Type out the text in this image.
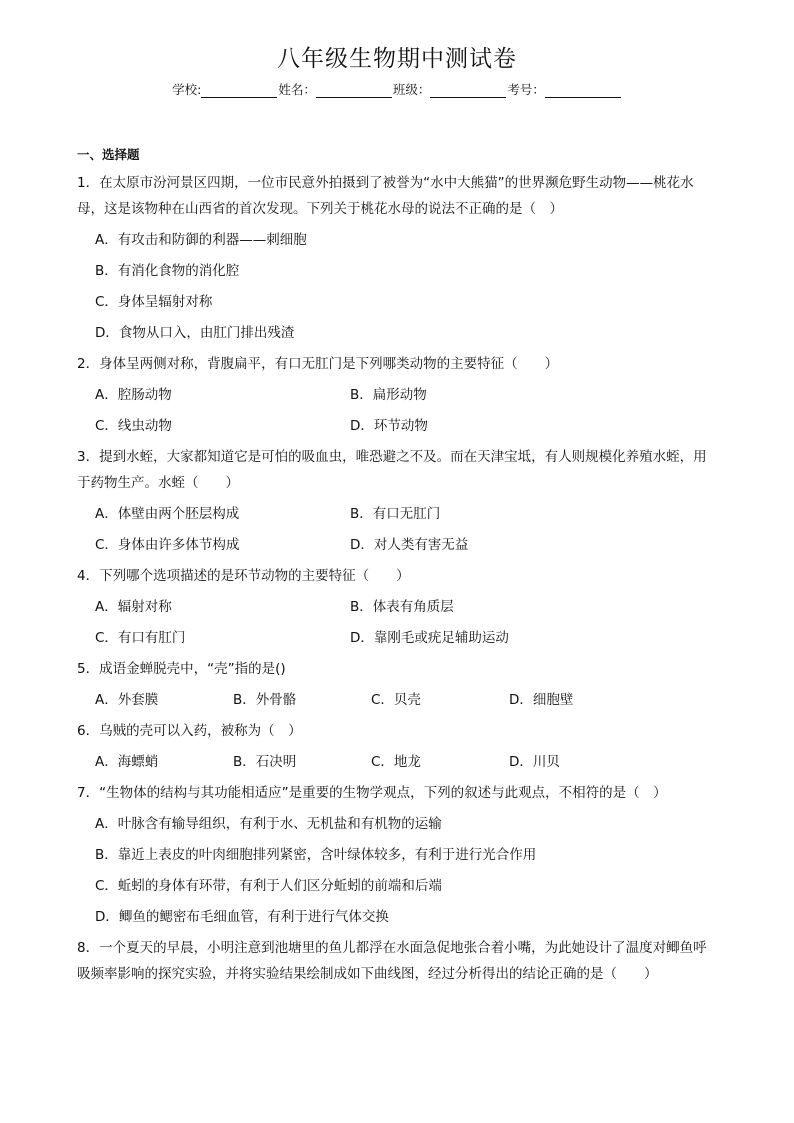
八年级生物期中测试卷
学校:	姓名：	班级：	考号：
一、选择题
1．在太原市汾河景区四期，一位市民意外拍摄到了被誉为“水中大熊猫”的世界濒危野生动物——桃花水母，这是该物种在山西省的首次发现。下列关于桃花水母的说法不正确的是（　）
A．有攻击和防御的利器——刺细胞
B．有消化食物的消化腔
C．身体呈辐射对称
D．食物从口入，由肛门排出残渣
2．身体呈两侧对称，背腹扁平，有口无肛门是下列哪类动物的主要特征（　　）
A．腔肠动物	B．扁形动物
C．线虫动物	D．环节动物
3．提到水蛭，大家都知道它是可怕的吸血虫，唯恐避之不及。而在天津宝坻，有人则规模化养殖水蛭，用于药物生产。水蛭（　　）
A．体壁由两个胚层构成	B．有口无肛门
C．身体由许多体节构成	D．对人类有害无益
4．下列哪个选项描述的是环节动物的主要特征（　　）
A．辐射对称	B．体表有角质层
C．有口有肛门	D．靠刚毛或疣足辅助运动
5．成语金蝉脱壳中，“壳”指的是()
A．外套膜	B．外骨骼	C．贝壳	D．细胞壁
6．乌贼的壳可以入药，被称为（　）
A．海螵蛸	B．石决明	C．地龙	D．川贝
7．“生物体的结构与其功能相适应”是重要的生物学观点，下列的叙述与此观点，不相符的是（　）
A．叶脉含有输导组织，有利于水、无机盐和有机物的运输
B．靠近上表皮的叶肉细胞排列紧密，含叶绿体较多，有利于进行光合作用
C．蚯蚓的身体有环带，有利于人们区分蚯蚓的前端和后端
D．鲫鱼的鳃密布毛细血管，有利于进行气体交换
8．一个夏天的早晨，小明注意到池塘里的鱼儿都浮在水面急促地张合着小嘴，为此她设计了温度对鲫鱼呼吸频率影响的探究实验，并将实验结果绘制成如下曲线图，经过分析得出的结论正确的是（　　）
